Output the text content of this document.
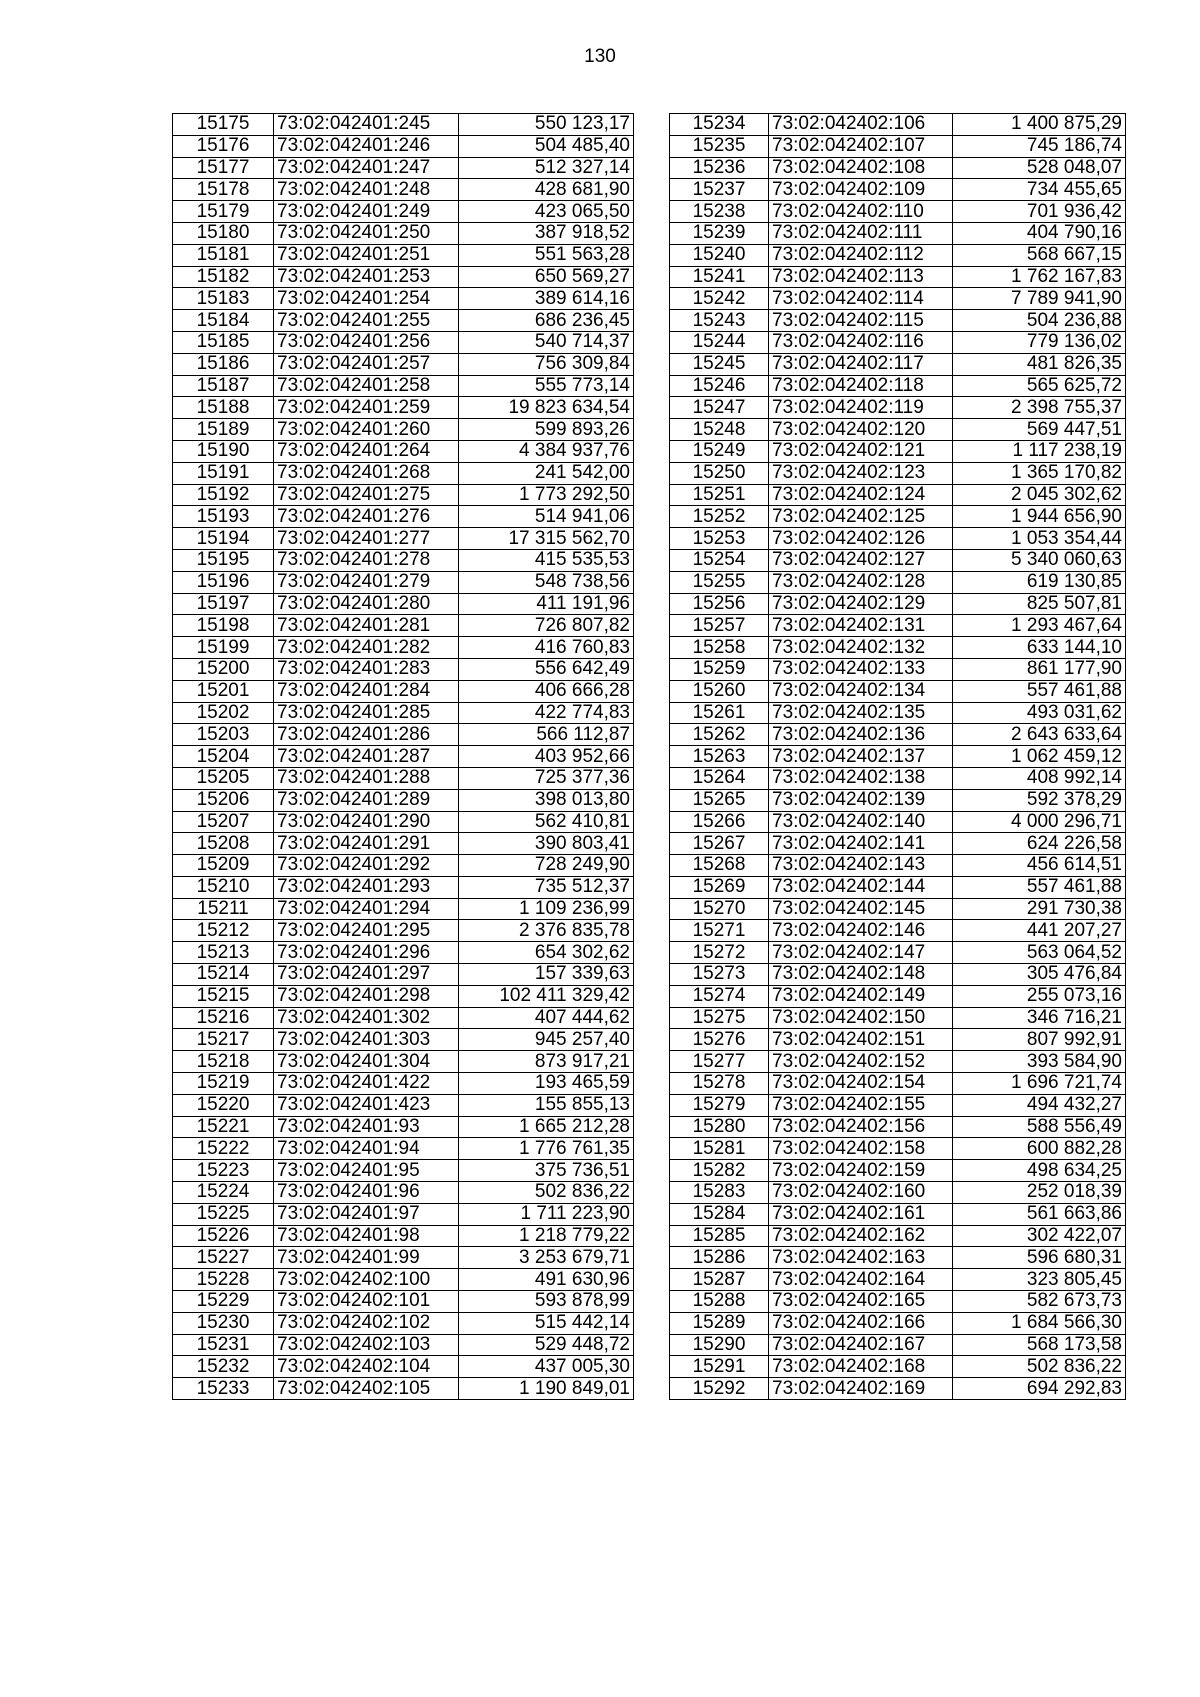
130
15175	73:02:042401:245	550 123,17
15176	73:02:042401:246	504 485,40
15177	73:02:042401:247	512 327,14
15178	73:02:042401:248	428 681,90
15179	73:02:042401:249	423 065,50
15180	73:02:042401:250	387 918,52
15181	73:02:042401:251	551 563,28
15182	73:02:042401:253	650 569,27
15183	73:02:042401:254	389 614,16
15184	73:02:042401:255	686 236,45
15185	73:02:042401:256	540 714,37
15186	73:02:042401:257	756 309,84
15187	73:02:042401:258	555 773,14
15188	73:02:042401:259	19 823 634,54
15189	73:02:042401:260	599 893,26
15190	73:02:042401:264	4 384 937,76
15191	73:02:042401:268	241 542,00
15192	73:02:042401:275	1 773 292,50
15193	73:02:042401:276	514 941,06
15194	73:02:042401:277	17 315 562,70
15195	73:02:042401:278	415 535,53
15196	73:02:042401:279	548 738,56
15197	73:02:042401:280	411 191,96
15198	73:02:042401:281	726 807,82
15199	73:02:042401:282	416 760,83
15200	73:02:042401:283	556 642,49
15201	73:02:042401:284	406 666,28
15202	73:02:042401:285	422 774,83
15203	73:02:042401:286	566 112,87
15204	73:02:042401:287	403 952,66
15205	73:02:042401:288	725 377,36
15206	73:02:042401:289	398 013,80
15207	73:02:042401:290	562 410,81
15208	73:02:042401:291	390 803,41
15209	73:02:042401:292	728 249,90
15210	73:02:042401:293	735 512,37
15211	73:02:042401:294	1 109 236,99
15212	73:02:042401:295	2 376 835,78
15213	73:02:042401:296	654 302,62
15214	73:02:042401:297	157 339,63
15215	73:02:042401:298	102 411 329,42
15216	73:02:042401:302	407 444,62
15217	73:02:042401:303	945 257,40
15218	73:02:042401:304	873 917,21
15219	73:02:042401:422	193 465,59
15220	73:02:042401:423	155 855,13
15221	73:02:042401:93	1 665 212,28
15222	73:02:042401:94	1 776 761,35
15223	73:02:042401:95	375 736,51
15224	73:02:042401:96	502 836,22
15225	73:02:042401:97	1 711 223,90
15226	73:02:042401:98	1 218 779,22
15227	73:02:042401:99	3 253 679,71
15228	73:02:042402:100	491 630,96
15229	73:02:042402:101	593 878,99
15230	73:02:042402:102	515 442,14
15231	73:02:042402:103	529 448,72
15232	73:02:042402:104	437 005,30
15233	73:02:042402:105	1 190 849,01
15234	73:02:042402:106	1 400 875,29
15235	73:02:042402:107	745 186,74
15236	73:02:042402:108	528 048,07
15237	73:02:042402:109	734 455,65
15238	73:02:042402:110	701 936,42
15239	73:02:042402:111	404 790,16
15240	73:02:042402:112	568 667,15
15241	73:02:042402:113	1 762 167,83
15242	73:02:042402:114	7 789 941,90
15243	73:02:042402:115	504 236,88
15244	73:02:042402:116	779 136,02
15245	73:02:042402:117	481 826,35
15246	73:02:042402:118	565 625,72
15247	73:02:042402:119	2 398 755,37
15248	73:02:042402:120	569 447,51
15249	73:02:042402:121	1 117 238,19
15250	73:02:042402:123	1 365 170,82
15251	73:02:042402:124	2 045 302,62
15252	73:02:042402:125	1 944 656,90
15253	73:02:042402:126	1 053 354,44
15254	73:02:042402:127	5 340 060,63
15255	73:02:042402:128	619 130,85
15256	73:02:042402:129	825 507,81
15257	73:02:042402:131	1 293 467,64
15258	73:02:042402:132	633 144,10
15259	73:02:042402:133	861 177,90
15260	73:02:042402:134	557 461,88
15261	73:02:042402:135	493 031,62
15262	73:02:042402:136	2 643 633,64
15263	73:02:042402:137	1 062 459,12
15264	73:02:042402:138	408 992,14
15265	73:02:042402:139	592 378,29
15266	73:02:042402:140	4 000 296,71
15267	73:02:042402:141	624 226,58
15268	73:02:042402:143	456 614,51
15269	73:02:042402:144	557 461,88
15270	73:02:042402:145	291 730,38
15271	73:02:042402:146	441 207,27
15272	73:02:042402:147	563 064,52
15273	73:02:042402:148	305 476,84
15274	73:02:042402:149	255 073,16
15275	73:02:042402:150	346 716,21
15276	73:02:042402:151	807 992,91
15277	73:02:042402:152	393 584,90
15278	73:02:042402:154	1 696 721,74
15279	73:02:042402:155	494 432,27
15280	73:02:042402:156	588 556,49
15281	73:02:042402:158	600 882,28
15282	73:02:042402:159	498 634,25
15283	73:02:042402:160	252 018,39
15284	73:02:042402:161	561 663,86
15285	73:02:042402:162	302 422,07
15286	73:02:042402:163	596 680,31
15287	73:02:042402:164	323 805,45
15288	73:02:042402:165	582 673,73
15289	73:02:042402:166	1 684 566,30
15290	73:02:042402:167	568 173,58
15291	73:02:042402:168	502 836,22
15292	73:02:042402:169	694 292,83
